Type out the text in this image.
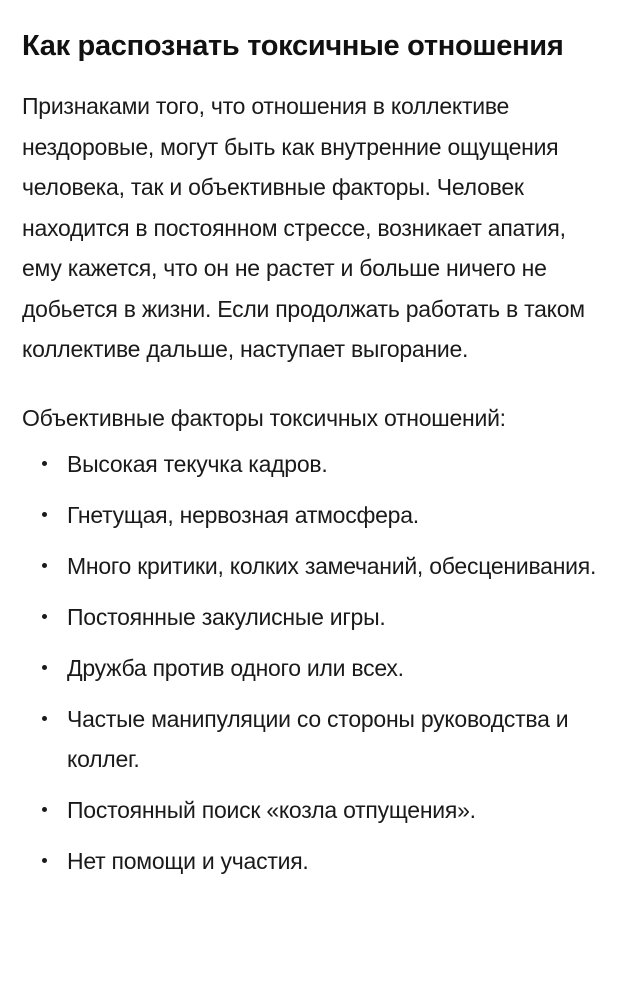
Как распознать токсичные отношения

Признаками того, что отношения в коллективе нездоровые, могут быть как внутренние ощущения человека, так и объективные факторы. Человек находится в постоянном стрессе, возникает апатия, ему кажется, что он не растет и больше ничего не добьется в жизни. Если продолжать работать в таком коллективе дальше, наступает выгорание.

Объективные факторы токсичных отношений:

Высокая текучка кадров.
Гнетущая, нервозная атмосфера.
Много критики, колких замечаний, обесценивания.
Постоянные закулисные игры.
Дружба против одного или всех.
Частые манипуляции со стороны руководства и коллег.
Постоянный поиск «козла отпущения».
Нет помощи и участия.
